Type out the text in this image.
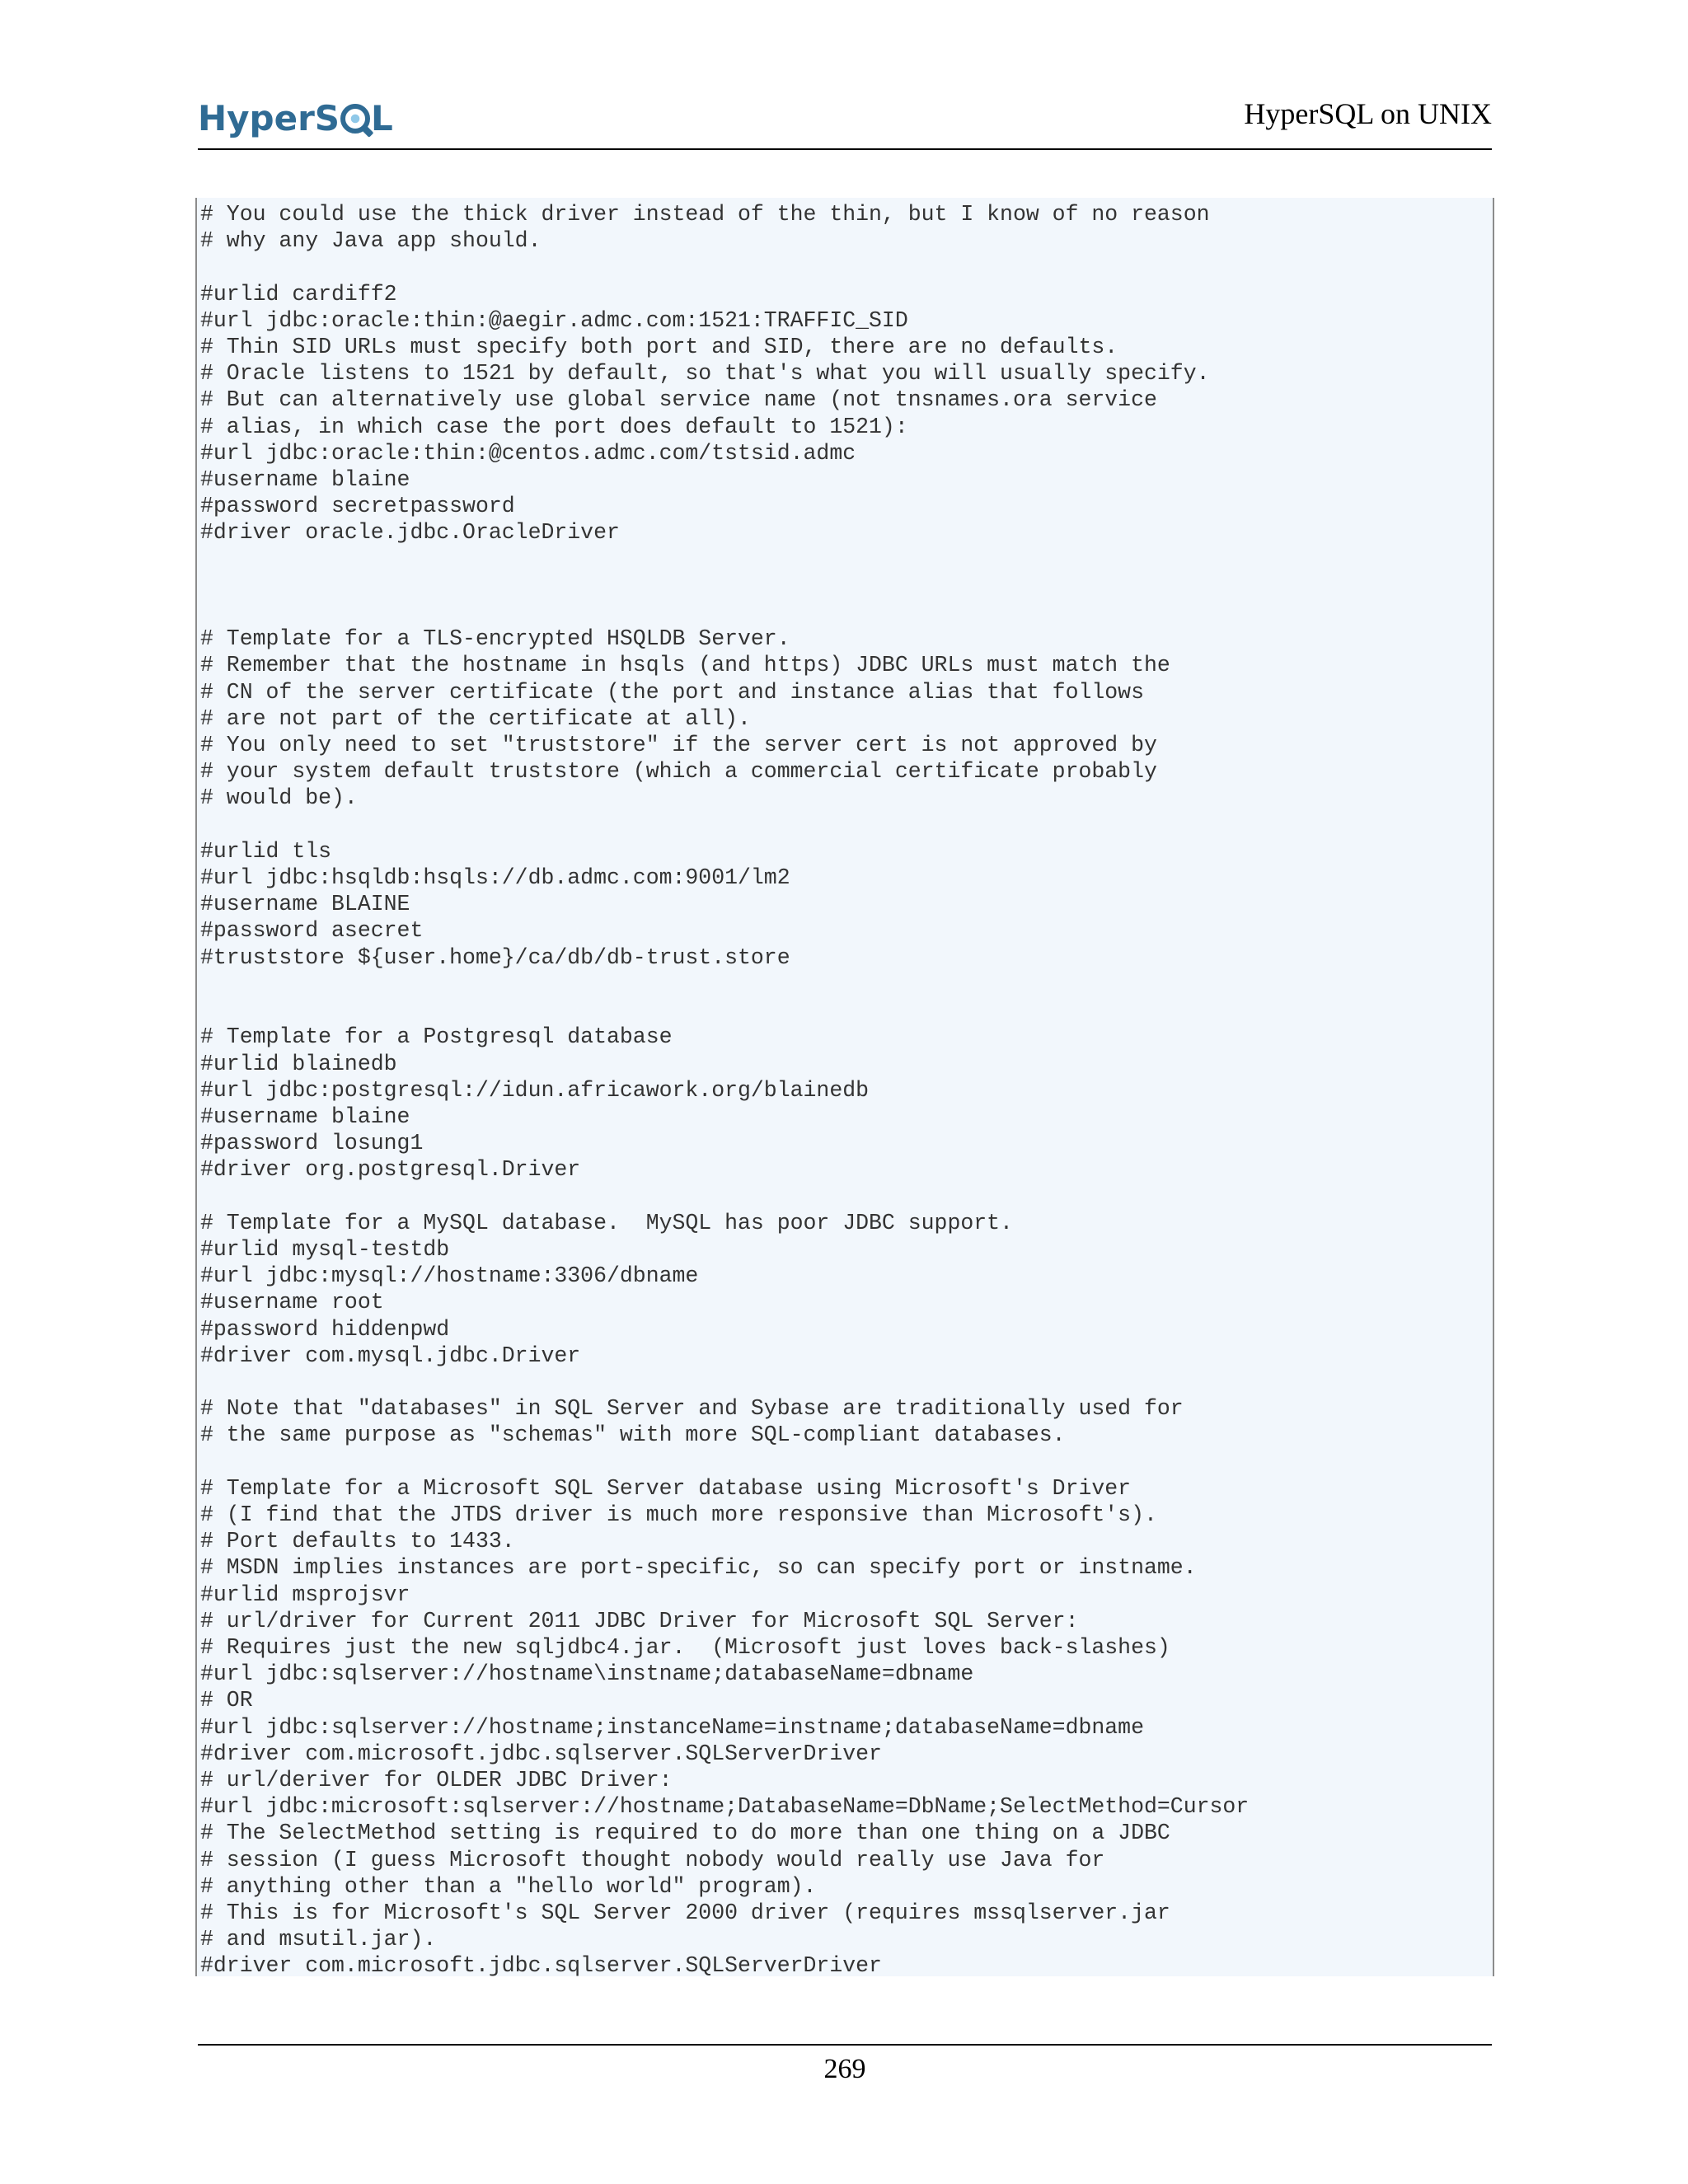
HyperS L	HyperSQL on UNIX
# You could use the thick driver instead of the thin, but I know of no reason
# why any Java app should.

#urlid cardiff2
#url jdbc:oracle:thin:@aegir.admc.com:1521:TRAFFIC_SID
# Thin SID URLs must specify both port and SID, there are no defaults.
# Oracle listens to 1521 by default, so that's what you will usually specify.
# But can alternatively use global service name (not tnsnames.ora service
# alias, in which case the port does default to 1521):
#url jdbc:oracle:thin:@centos.admc.com/tstsid.admc
#username blaine
#password secretpassword
#driver oracle.jdbc.OracleDriver

# Template for a TLS-encrypted HSQLDB Server.
# Remember that the hostname in hsqls (and https) JDBC URLs must match the
# CN of the server certificate (the port and instance alias that follows
# are not part of the certificate at all).
# You only need to set "truststore" if the server cert is not approved by
# your system default truststore (which a commercial certificate probably
# would be).

#urlid tls
#url jdbc:hsqldb:hsqls://db.admc.com:9001/lm2
#username BLAINE
#password asecret
#truststore ${user.home}/ca/db/db-trust.store

# Template for a Postgresql database
#urlid blainedb
#url jdbc:postgresql://idun.africawork.org/blainedb
#username blaine
#password losung1
#driver org.postgresql.Driver

# Template for a MySQL database.  MySQL has poor JDBC support.
#urlid mysql-testdb
#url jdbc:mysql://hostname:3306/dbname
#username root
#password hiddenpwd
#driver com.mysql.jdbc.Driver

# Note that "databases" in SQL Server and Sybase are traditionally used for
# the same purpose as "schemas" with more SQL-compliant databases.

# Template for a Microsoft SQL Server database using Microsoft's Driver
# (I find that the JTDS driver is much more responsive than Microsoft's).
# Port defaults to 1433.
# MSDN implies instances are port-specific, so can specify port or instname.
#urlid msprojsvr
# url/driver for Current 2011 JDBC Driver for Microsoft SQL Server:
# Requires just the new sqljdbc4.jar.  (Microsoft just loves back-slashes)
#url jdbc:sqlserver://hostname\instname;databaseName=dbname
# OR
#url jdbc:sqlserver://hostname;instanceName=instname;databaseName=dbname
#driver com.microsoft.jdbc.sqlserver.SQLServerDriver
# url/deriver for OLDER JDBC Driver:
#url jdbc:microsoft:sqlserver://hostname;DatabaseName=DbName;SelectMethod=Cursor
# The SelectMethod setting is required to do more than one thing on a JDBC
# session (I guess Microsoft thought nobody would really use Java for
# anything other than a "hello world" program).
# This is for Microsoft's SQL Server 2000 driver (requires mssqlserver.jar
# and msutil.jar).
#driver com.microsoft.jdbc.sqlserver.SQLServerDriver

269
